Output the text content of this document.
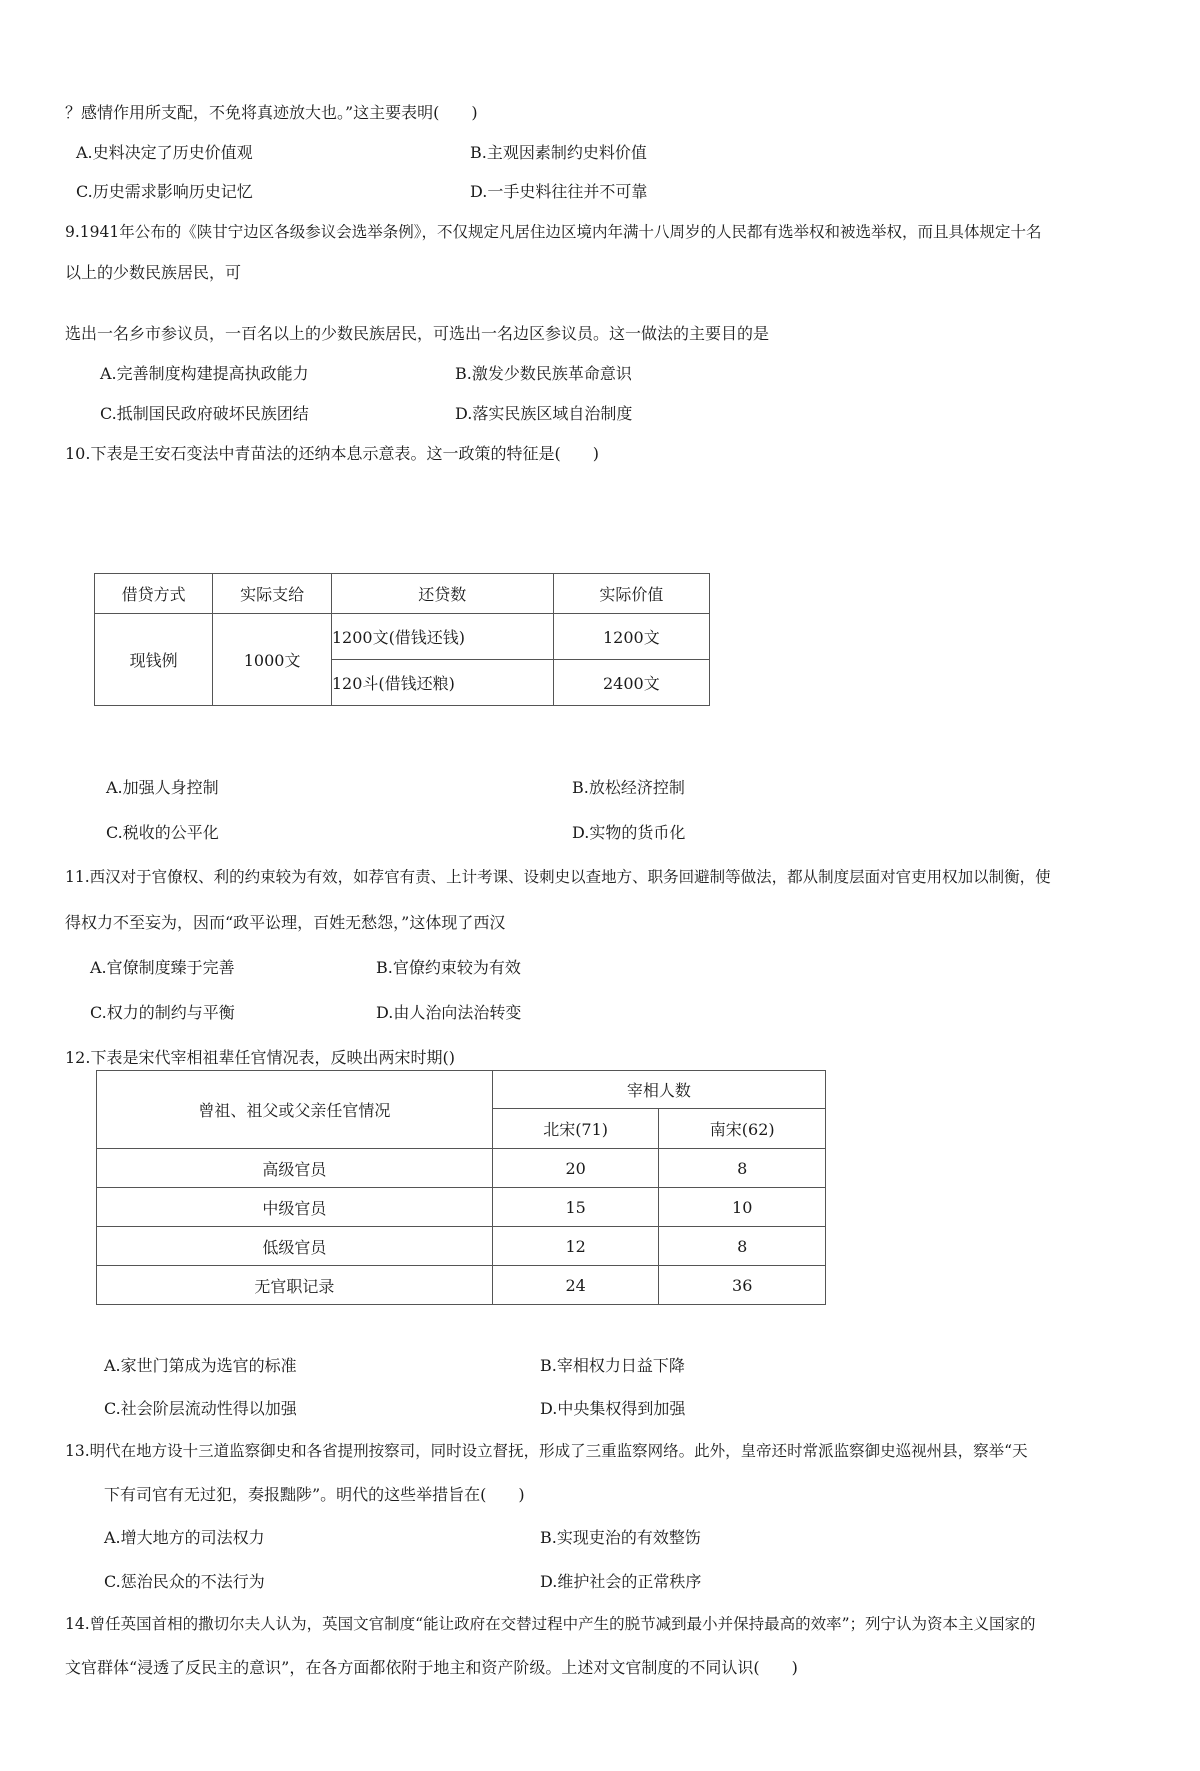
？感情作用所支配，不免将真迹放大也。”这主要表明(　　)
A.史料决定了历史价值观	B.主观因素制约史料价值
C.历史需求影响历史记忆	D.一手史料往往并不可靠
9.1941年公布的《陕甘宁边区各级参议会选举条例》，不仅规定凡居住边区境内年满十八周岁的人民都有选举权和被选举权，而且具体规定十名
以上的少数民族居民，可
选出一名乡市参议员，一百名以上的少数民族居民，可选出一名边区参议员。这一做法的主要目的是
A.完善制度构建提高执政能力	B.激发少数民族革命意识
C.抵制国民政府破坏民族团结	D.落实民族区域自治制度
10.下表是王安石变法中青苗法的还纳本息示意表。这一政策的特征是(　　)
借贷方式	实际支给	还贷数	实际价值
现钱例	1000文	1200文(借钱还钱)	1200文
		120斗(借钱还粮)	2400文
A.加强人身控制	B.放松经济控制
C.税收的公平化	D.实物的货币化
11.西汉对于官僚权、利的约束较为有效，如荐官有责、上计考课、设刺史以查地方、职务回避制等做法，都从制度层面对官吏用权加以制衡，使
得权力不至妄为，因而“政平讼理，百姓无愁怨，”这体现了西汉
A.官僚制度臻于完善	B.官僚约束较为有效
C.权力的制约与平衡	D.由人治向法治转变
12.下表是宋代宰相祖辈任官情况表，反映出两宋时期()
曾祖、祖父或父亲任官情况	宰相人数	
	北宋(71)	南宋(62)
高级官员	20	8
中级官员	15	10
低级官员	12	8
无官职记录	24	36
A.家世门第成为选官的标准	B.宰相权力日益下降
C.社会阶层流动性得以加强	D.中央集权得到加强
13.明代在地方设十三道监察御史和各省提刑按察司，同时设立督抚，形成了三重监察网络。此外，皇帝还时常派监察御史巡视州县，察举“天
下有司官有无过犯，奏报黜陟”。明代的这些举措旨在(　　)
A.增大地方的司法权力	B.实现吏治的有效整饬
C.惩治民众的不法行为	D.维护社会的正常秩序
14.曾任英国首相的撒切尔夫人认为，英国文官制度“能让政府在交替过程中产生的脱节减到最小并保持最高的效率”；列宁认为资本主义国家的
文官群体“浸透了反民主的意识”，在各方面都依附于地主和资产阶级。上述对文官制度的不同认识(　　)
